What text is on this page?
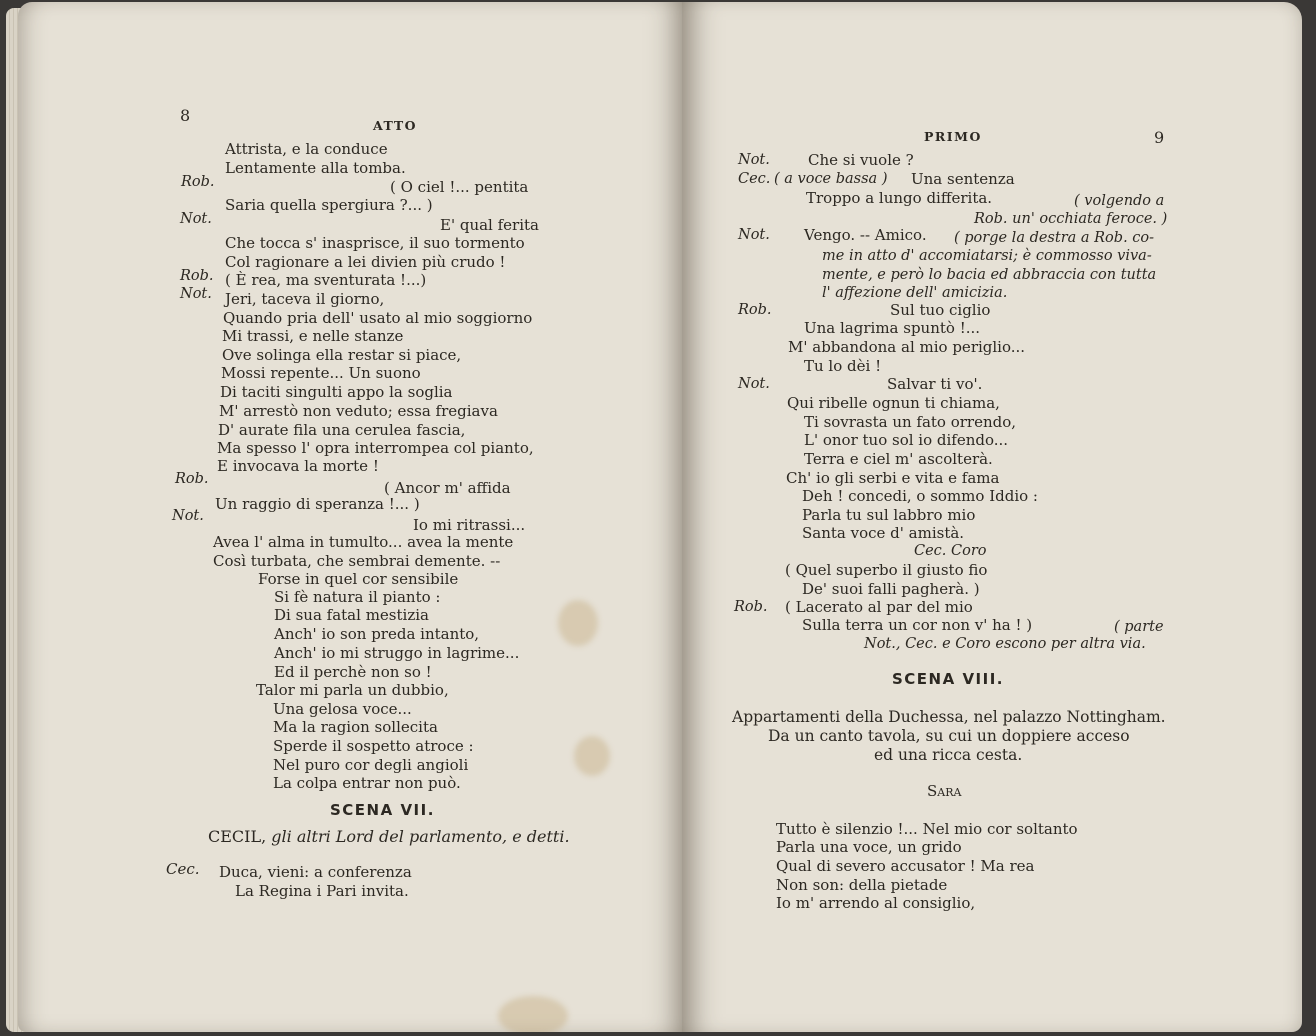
8
ATTO
Attrista, e la conduce
Lentamente alla tomba.
Rob.	( O ciel !... pentita
Saria quella spergiura ?... )
Not.	E' qual ferita
Che tocca s' inasprisce, il suo tormento
Col ragionare a lei divien più crudo !
Rob. ( È rea, ma sventurata !...)
Not. Jeri, taceva il giorno,
Quando pria dell' usato al mio soggiorno
Mi trassi, e nelle stanze
Ove solinga ella restar si piace,
Mossi repente... Un suono
Di taciti singulti appo la soglia
M' arrestò non veduto; essa fregiava
D' aurate fila una cerulea fascia,
Ma spesso l' opra interrompea col pianto,
E invocava la morte !
Rob.	( Ancor m' affida
Un raggio di speranza !... )
Not.	Io mi ritrassi...
Avea l' alma in tumulto... avea la mente
Così turbata, che sembrai demente. --
Forse in quel cor sensibile
Si fè natura il pianto :
Di sua fatal mestizia
Anch' io son preda intanto,
Anch' io mi struggo in lagrime...
Ed il perchè non so !
Talor mi parla un dubbio,
Una gelosa voce...
Ma la ragion sollecita
Sperde il sospetto atroce :
Nel puro cor degli angioli
La colpa entrar non può.
SCENA VII.
CECIL, gli altri Lord del parlamento, e detti.
Cec. Duca, vieni: a conferenza
La Regina i Pari invita.
PRIMO	9
Not.	Che si vuole ?
Cec. ( a voce bassa ) Una sentenza
Troppo a lungo differita.	( volgendo a
Rob. un' occhiata feroce. )
Not. Vengo. -- Amico. ( porge la destra a Rob. co-
me in atto d' accomiatarsi; è commosso viva-
mente, e però lo bacia ed abbraccia con tutta
l' affezione dell' amicizia.
Rob.	Sul tuo ciglio
Una lagrima spuntò !...
M' abbandona al mio periglio...
Tu lo dèi !
Not.	Salvar ti vo'.
Qui ribelle ognun ti chiama,
Ti sovrasta un fato orrendo,
L' onor tuo sol io difendo...
Terra e ciel m' ascolterà.
Ch' io gli serbi e vita e fama
Deh ! concedi, o sommo Iddio :
Parla tu sul labbro mio
Santa voce d' amistà.
Cec. Coro
( Quel superbo il giusto fio
De' suoi falli pagherà. )
Rob. ( Lacerato al par del mio
Sulla terra un cor non v' ha ! )	( parte
Not., Cec. e Coro escono per altra via.
SCENA VIII.
Appartamenti della Duchessa, nel palazzo Nottingham.
Da un canto tavola, su cui un doppiere acceso
ed una ricca cesta.
Sara
Tutto è silenzio !... Nel mio cor soltanto
Parla una voce, un grido
Qual di severo accusator ! Ma rea
Non son: della pietade
Io m' arrendo al consiglio,
